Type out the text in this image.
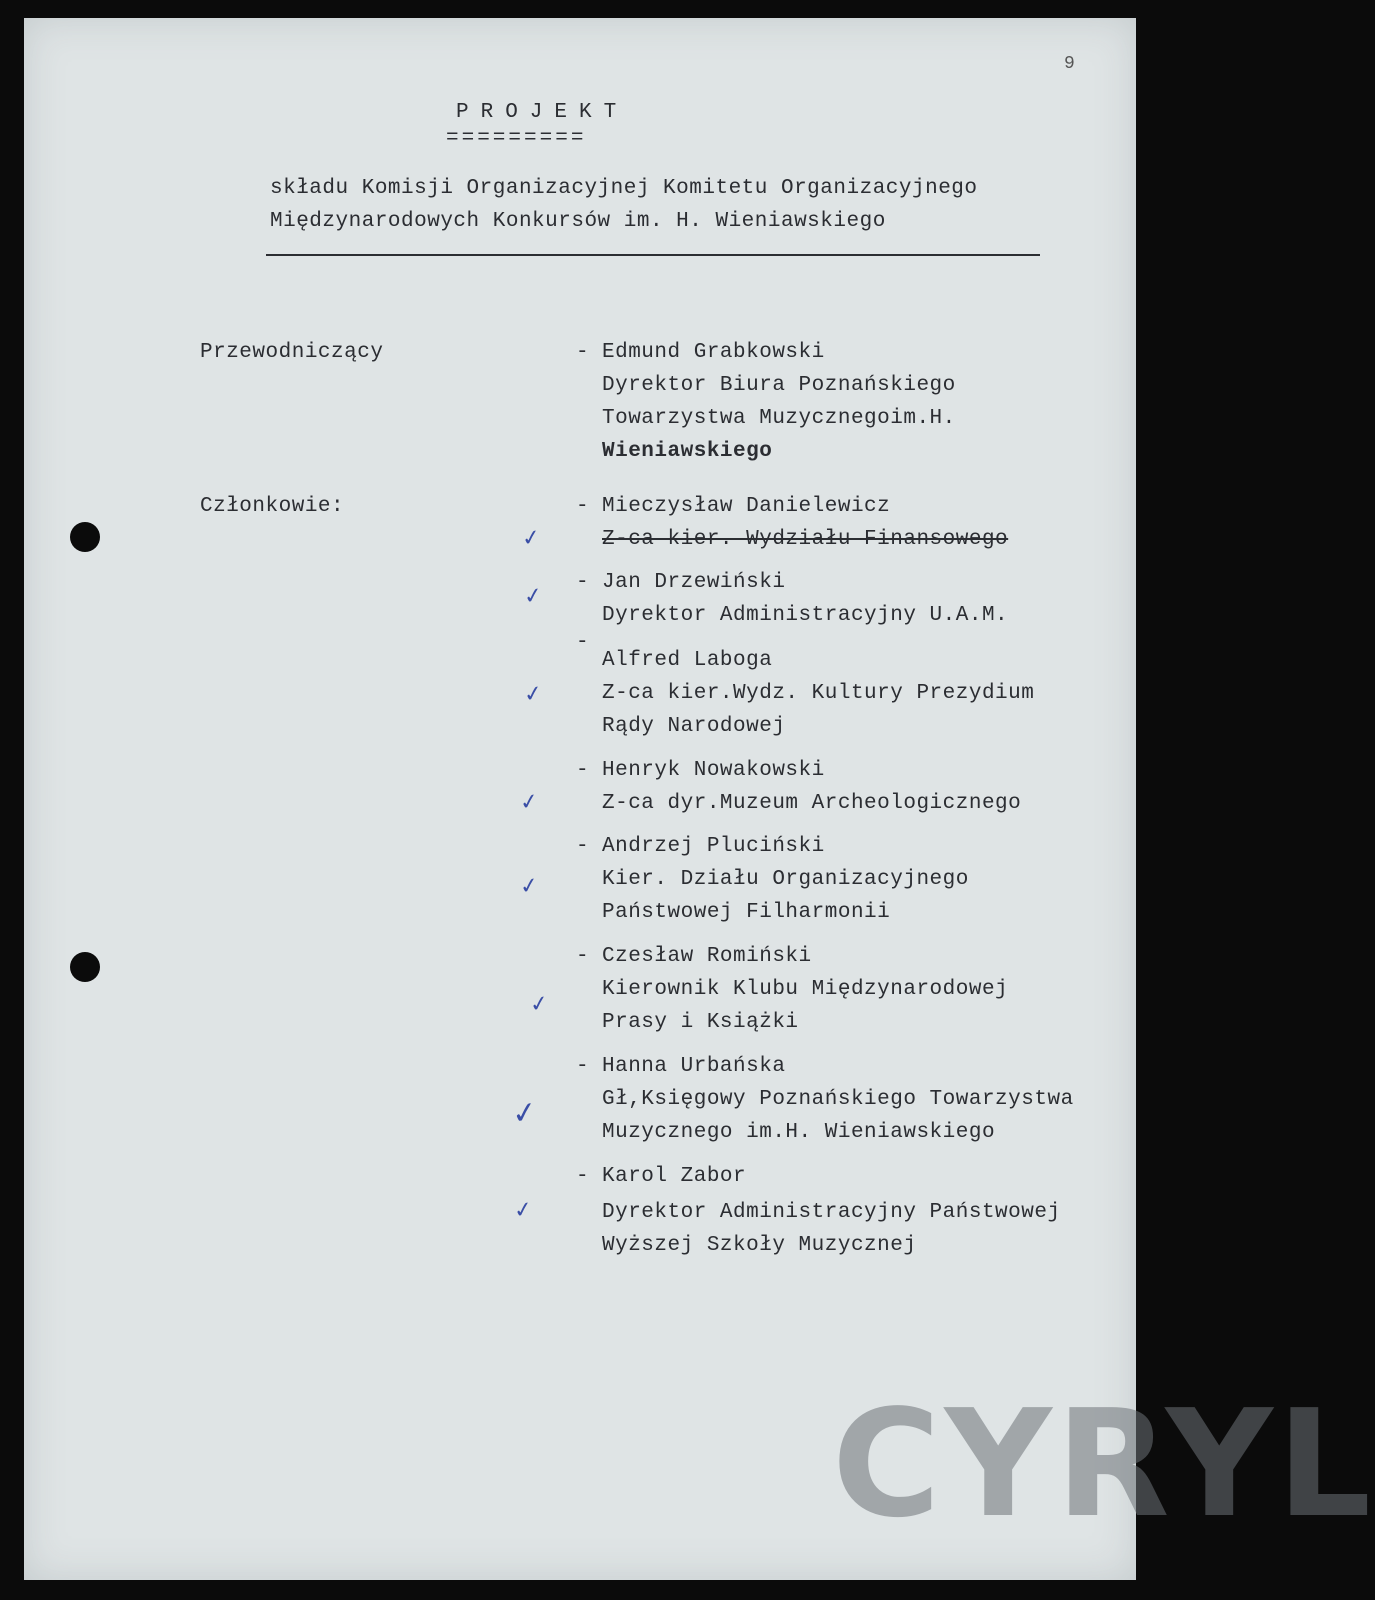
9
PROJEKT
=========
składu Komisji Organizacyjnej Komitetu Organizacyjnego
Międzynarodowych Konkursów im. H. Wieniawskiego
Przewodniczący	- Edmund Grabkowski
Dyrektor Biura Poznańskiego
Towarzystwa Muzycznegoim.H.
Wieniawskiego
Członkowie:	- Mieczysław Danielewicz
Z-ca kier. Wydziału Finansowego
✓
- Jan Drzewiński
Dyrektor Administracyjny U.A.M.
✓
-
Alfred Laboga
Z-ca kier.Wydz. Kultury Prezydium
Rądy Narodowej
✓
- Henryk Nowakowski
Z-ca dyr.Muzeum Archeologicznego
✓
- Andrzej Pluciński
Kier. Działu Organizacyjnego
Państwowej Filharmonii
✓
- Czesław Romiński
Kierownik Klubu Międzynarodowej
Prasy i Książki
✓
- Hanna Urbańska
Gł,Księgowy Poznańskiego Towarzystwa
Muzycznego im.H. Wieniawskiego
✓
- Karol Zabor
Dyrektor Administracyjny Państwowej
Wyższej Szkoły Muzycznej
✓
CYRYL
